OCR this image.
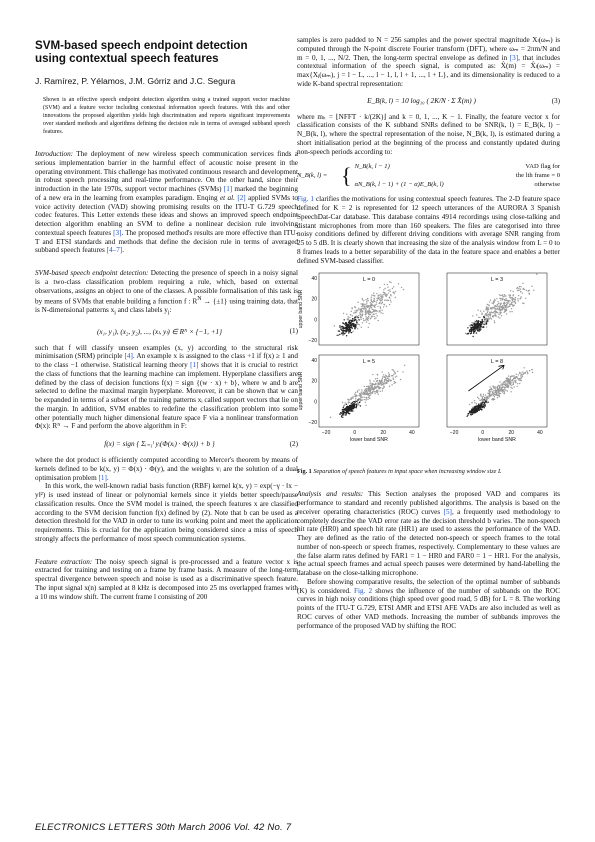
SVM-based speech endpoint detection
using contextual speech features
J. Ramírez, P. Yélamos, J.M. Górriz and J.C. Segura
Shown is an effective speech endpoint detection algorithm using a trained support vector machine (SVM) and a feature vector including contextual information speech features. With this and other innovations the proposed algorithm yields high discrimination and reports significant improvements over standard methods and algorithms defining the decision rule in terms of averaged subband speech features.

Introduction: The deployment of new wireless speech communication services finds a serious implementation barrier in the harmful effect of acoustic noise present in the operating environment. This challenge has motivated continuous research and development in robust speech processing and real-time performance. On the other hand, since their introduction in the late 1970s, support vector machines (SVMs) [1] marked the beginning of a new era in the learning from examples paradigm. Enqing et al. [2] applied SVMs to voice activity detection (VAD) showing promising results on the ITU-T G.729 speech codec features. This Letter extends these ideas and shows an improved speech endpoint detection algorithm enabling an SVM to define a nonlinear decision rule involving contextual speech features [3]. The proposed method's results are more effective than ITU-T and ETSI standards and methods that define the decision rule in terms of averaged subband speech features [4–7].

SVM-based speech endpoint detection: Detecting the presence of speech in a noisy signal is a two-class classification problem requiring a rule, which, based on external observations, assigns an object to one of the classes. A possible formalisation of this task is by means of SVMs that enable building a function f : $R^N \to \{\pm 1\}$ using training data, that is N-dimensional patterns $x_i$ and class labels $y_i$:

(x₁, y₁), (x₂, y₂), ..., (xₗ, yₗ) ∈ Rᴺ × {−1, +1}	(1)

such that f will classify unseen examples (x, y) according to the structural risk minimisation (SRM) principle [4]. An example x is assigned to the class +1 if f(x) ≥ 1 and to the class −1 otherwise. Statistical learning theory [1] shows that it is crucial to restrict the class of functions that the learning machine can implement. Hyperplane classifiers are defined by the class of decision functions f(x) = sign {(w · x) + b}, where w and b are selected to define the maximal margin hyperplane. Moreover, it can be shown that w can be expanded in terms of a subset of the training patterns xᵢ called support vectors that lie on the margin. In addition, SVM enables to redefine the classification problem into some other potentially much higher dimensional feature space F via a nonlinear transformation Φ(x): Rᴺ → F and perform the above algorithm in F:

f(x) = sign { Σᵢ₌₁ˡ yᵢ(Φ(xᵢ) · Φ(x)) + b }	(2)

where the dot product is efficiently computed according to Mercer's theorem by means of kernels defined to be k(x, y) = Φ(x) · Φ(y), and the weights vᵢ are the solution of a dual optimisation problem [1].

In this work, the well-known radial basis function (RBF) kernel k(x, y) = exp(−γ · ‖x − y‖²) is used instead of linear or polynomial kernels since it yields better speech/pause classification results. Once the SVM model is trained, the speech features x are classified according to the SVM decision function f(x) defined by (2). Note that b can be used as a detection threshold for the VAD in order to tune its working point and meet the application requirements. This is crucial for the application being considered since a miss of speech strongly affects the performance of most speech communication systems.

Feature extraction: The noisy speech signal is pre-processed and a feature vector x is extracted for training and testing on a frame by frame basis. A measure of the long-term spectral divergence between speech and noise is used as a discriminative speech feature. The input signal x(n) sampled at 8 kHz is decomposed into 25 ms overlapped frames with a 10 ms window shift. The current frame l consisting of 200

samples is zero padded to N = 256 samples and the power spectral magnitude Xₗ(ωₘ) is computed through the N-point discrete Fourier transform (DFT), where ωₘ = 2πm/N and m = 0, 1, ..., N/2. Then, the long-term spectral envelope as defined in [3], that includes contextual information of the speech signal, is computed as: X̂(m) = X̂ₗ(ωₘ) = max{Xⱼ(ωₘ), j = l − L, ..., l − 1, l, l + 1, ..., l + L}, and its dimensionality is reduced to a wide K-band spectral representation:

E_B(k, l) = 10 log₁₀ ( 2K/N · Σ X̂(m) )	(3)

where mₖ = ⌊NFFT · k/(2K)⌋ and k = 0, 1, ..., K − 1. Finally, the feature vector x for classification consists of the K subband SNRs defined to be SNR(k, l) = E_B(k, l) − N_B(k, l), where the spectral representation of the noise, N_B(k, l), is estimated during a short initialisation period at the beginning of the process and constantly updated during non-speech periods according to:

N_B(k, l) = { N_B(k, l − 1)	VAD flag for
the lth frame = 0
αN_B(k, l − 1) + (1 − α)E_B(k, l)	otherwise

Fig. 1 clarifies the motivations for using contextual speech features. The 2-D feature space defined for K = 2 is represented for 12 speech utterances of the AURORA 3 Spanish SpeechDat-Car database. This database contains 4914 recordings using close-talking and distant microphones from more than 160 speakers. The files are categorised into three noisy conditions defined by different driving conditions with average SNR ranging from 25 to 5 dB. It is clearly shown that increasing the size of the analysis window from L = 0 to 8 frames leads to a better separability of the data in the feature space and enables a better defined SVM-based classifier.

L = 0
40
20
0
−20
upper band SNR
L = 3
L = 5
40
20
0
−20
upper band SNR
−20	0	20	40
lower band SNR
L = 8
−20	0	20	40
lower band SNR
Fig. 1 Separation of speech features in input space when increasing window size L

Analysis and results: This Section analyses the proposed VAD and compares its performance to standard and recently published algorithms. The analysis is based on the receiver operating characteristics (ROC) curves [5], a frequently used methodology to completely describe the VAD error rate as the decision threshold b varies. The non-speech hit rate (HR0) and speech hit rate (HR1) are used to assess the performance of the VAD. They are defined as the ratio of the detected non-speech or speech frames to the total number of non-speech or speech frames, respectively. Complementary to these values are the false alarm rates defined by FAR1 = 1 − HR0 and FAR0 = 1 − HR1. For the analysis, the actual speech frames and actual speech pauses were determined by hand-labelling the database on the close-talking microphone.

Before showing comparative results, the selection of the optimal number of subbands (K) is considered. Fig. 2 shows the influence of the number of subbands on the ROC curves in high noisy conditions (high speed over good road, 5 dB) for L = 8. The working points of the ITU-T G.729, ETSI AMR and ETSI AFE VADs are also included as well as ROC curves of other VAD methods. Increasing the number of subbands improves the performance of the proposed VAD by shifting the ROC

ELECTRONICS LETTERS 30th March 2006 Vol. 42 No. 7
